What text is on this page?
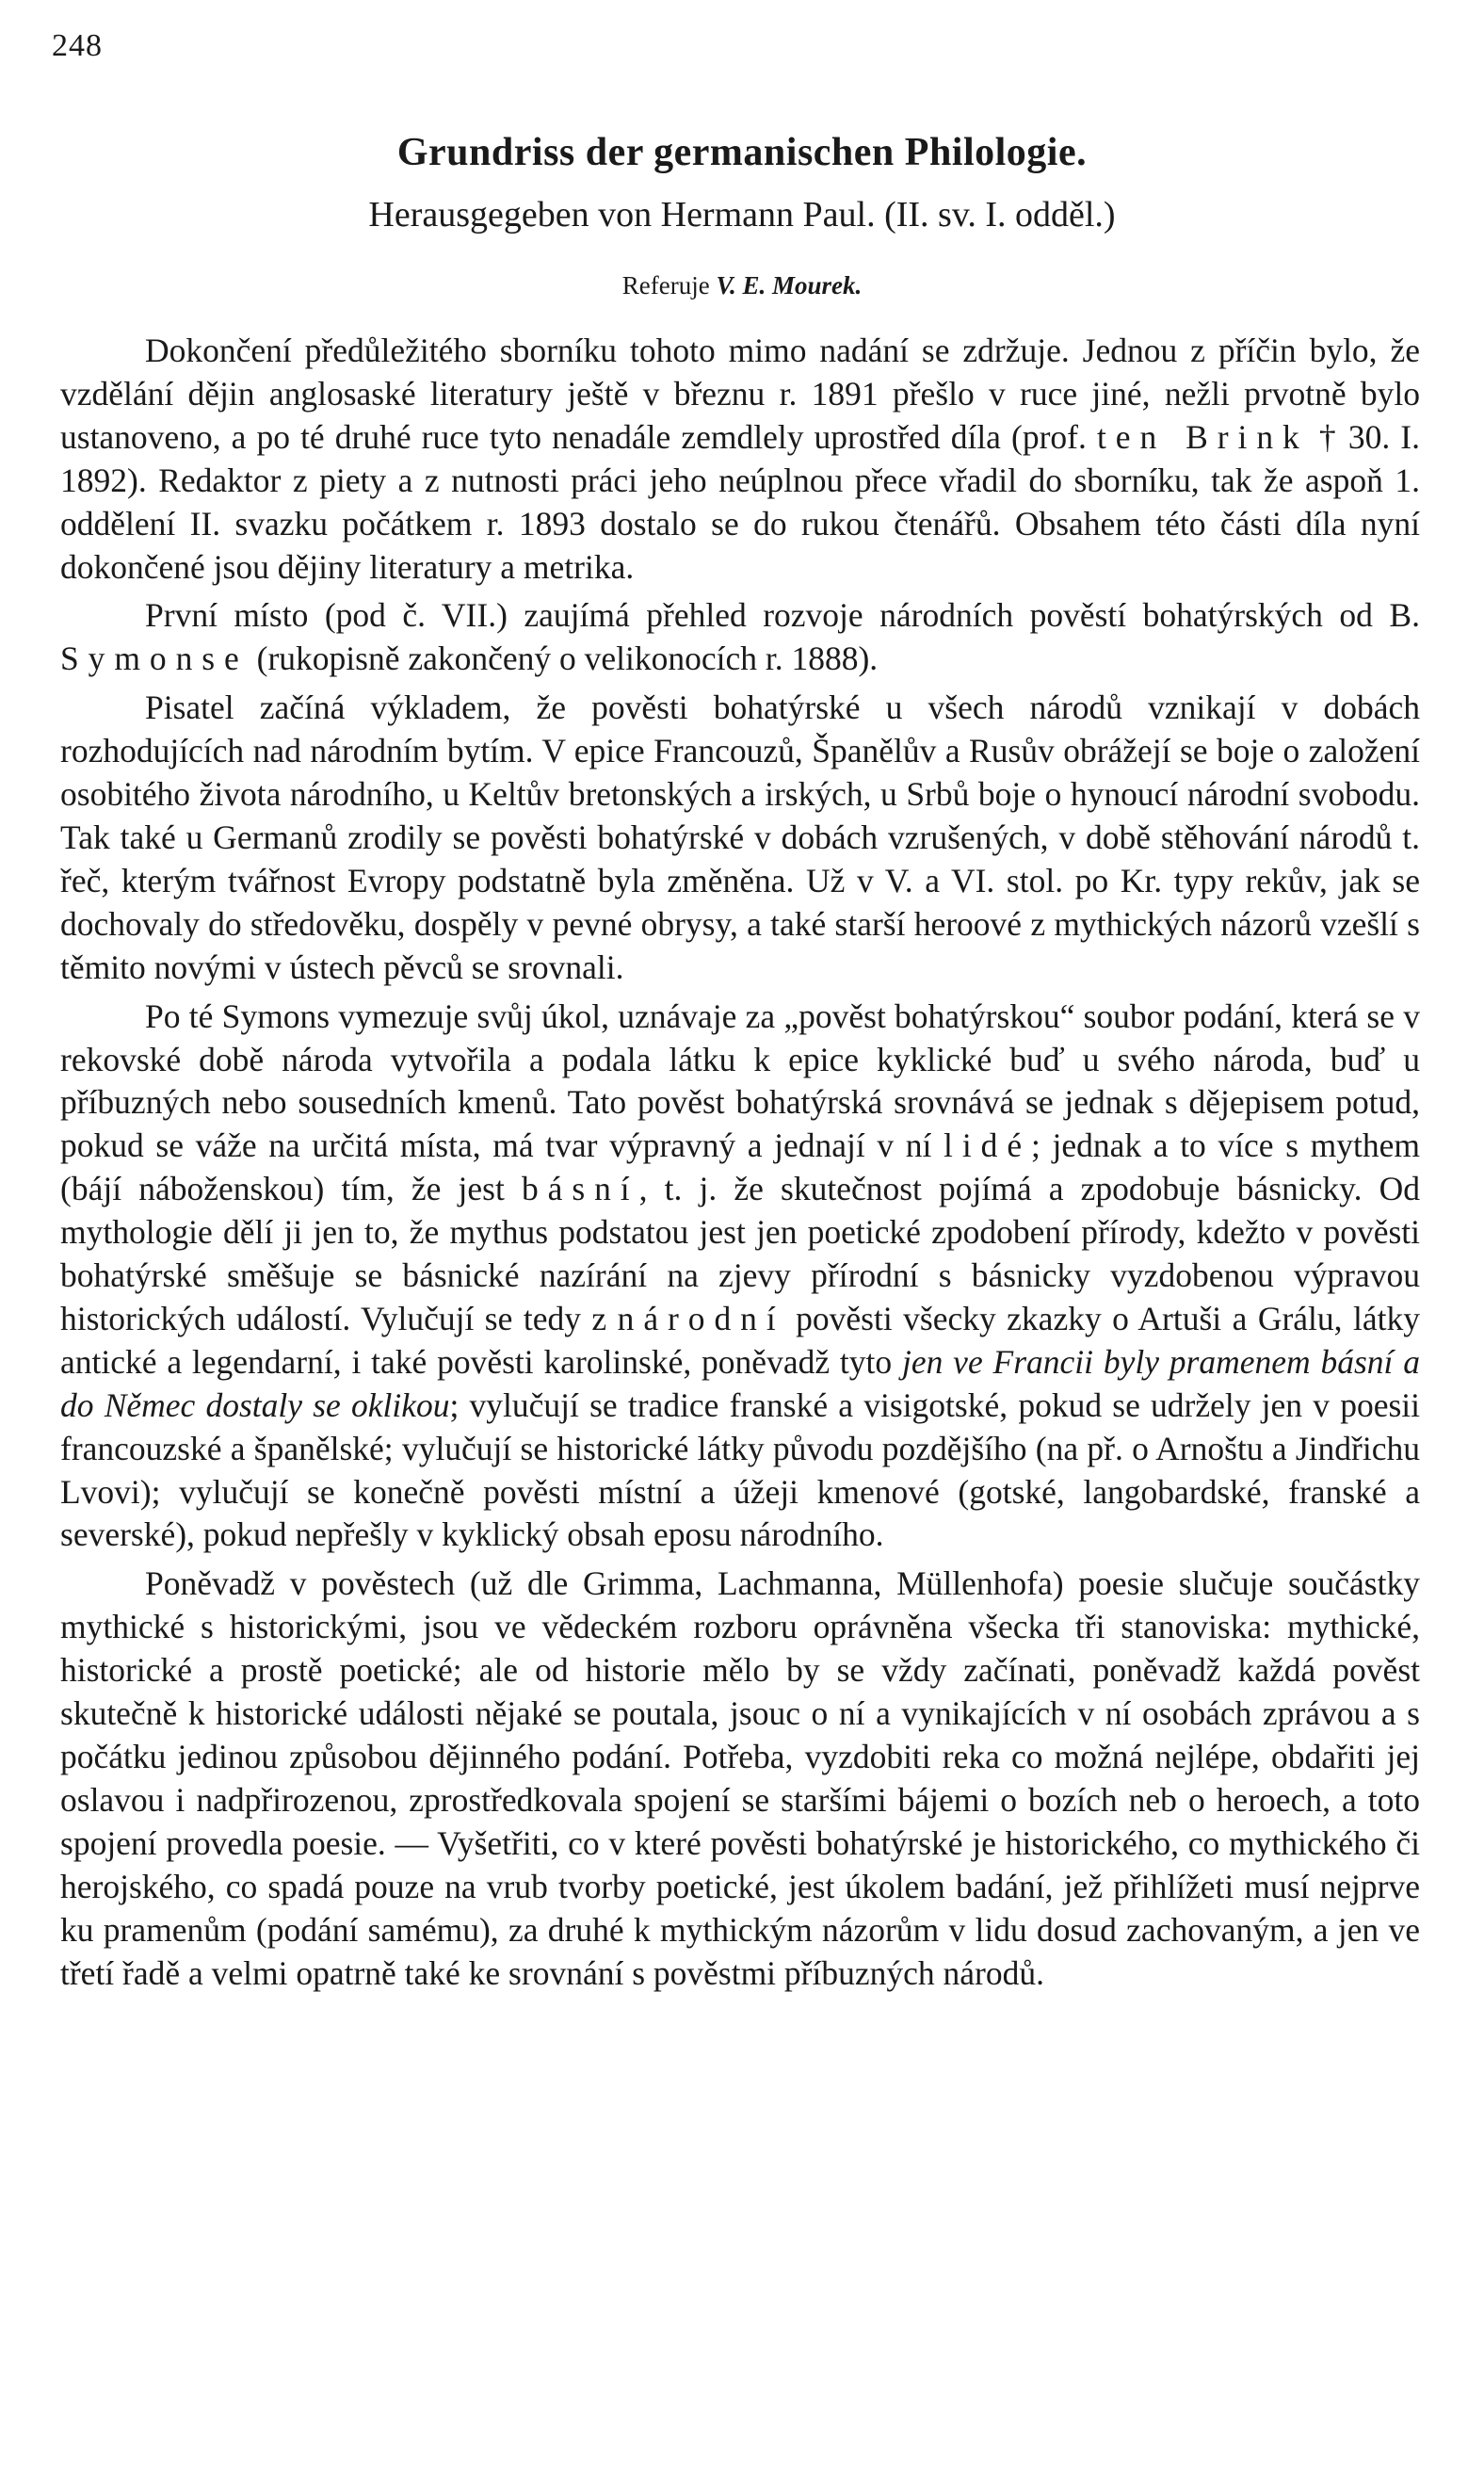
248
Grundriss der germanischen Philologie.
Herausgegeben von Hermann Paul. (II. sv. I. odděl.)
Referuje V. E. Mourek.

Dokončení předůležitého sborníku tohoto mimo nadání se zdržuje. Jednou z příčin bylo, že vzdělání dějin anglosaské literatury ještě v březnu r. 1891 přešlo v ruce jiné, nežli prvotně bylo ustanoveno, a po té druhé ruce tyto nenadále zemdlely uprostřed díla (prof. ten Brink † 30. I. 1892). Redaktor z piety a z nutnosti práci jeho neúplnou přece vřadil do sborníku, tak že aspoň 1. oddělení II. svazku počátkem r. 1893 dostalo se do rukou čtenářů. Obsahem této části díla nyní dokončené jsou dějiny literatury a metrika.

První místo (pod č. VII.) zaujímá přehled rozvoje národních pověstí bohatýrských od B. Symonse (rukopisně zakončený o velikonocích r. 1888).

Pisatel začíná výkladem, že pověsti bohatýrské u všech národů vznikají v dobách rozhodujících nad národním bytím. V epice Francouzů, Španělův a Rusův obrážejí se boje o založení osobitého života národního, u Keltův bretonských a irských, u Srbů boje o hynoucí národní svobodu. Tak také u Germanů zrodily se pověsti bohatýrské v dobách vzrušených, v době stěhování národů t. řeč, kterým tvářnost Evropy podstatně byla změněna. Už v V. a VI. stol. po Kr. typy rekův, jak se dochovaly do středověku, dospěly v pevné obrysy, a také starší heroové z mythických názorů vzešlí s těmito novými v ústech pěvců se srovnali.

Po té Symons vymezuje svůj úkol, uznávaje za „pověst bohatýrskou“ soubor podání, která se v rekovské době národa vytvořila a podala látku k epice kyklické buď u svého národa, buď u příbuzných nebo sousedních kmenů. Tato pověst bohatýrská srovnává se jednak s dějepisem potud, pokud se váže na určitá místa, má tvar výpravný a jednají v ní lidé; jednak a to více s mythem (bájí náboženskou) tím, že jest básní, t. j. že skutečnost pojímá a zpodobuje básnicky. Od mythologie dělí ji jen to, že mythus podstatou jest jen poetické zpodobení přírody, kdežto v pověsti bohatýrské směšuje se básnické nazírání na zjevy přírodní s básnicky vyzdobenou výpravou historických událostí. Vylučují se tedy z národní pověsti všecky zkazky o Artuši a Grálu, látky antické a legendarní, i také pověsti karolinské, poněvadž tyto jen ve Francii byly pramenem básní a do Němec dostaly se oklikou; vylučují se tradice franské a visigotské, pokud se udržely jen v poesii francouzské a španělské; vylučují se historické látky původu pozdějšího (na př. o Arnoštu a Jindřichu Lvovi); vylučují se konečně pověsti místní a úžeji kmenové (gotské, langobardské, franské a severské), pokud nepřešly v kyklický obsah eposu národního.

Poněvadž v pověstech (už dle Grimma, Lachmanna, Müllenhofa) poesie slučuje součástky mythické s historickými, jsou ve vědeckém rozboru oprávněna všecka tři stanoviska: mythické, historické a prostě poetické; ale od historie mělo by se vždy začínati, poněvadž každá pověst skutečně k historické události nějaké se poutala, jsouc o ní a vynikajících v ní osobách zprávou a s počátku jedinou způsobou dějinného podání. Potřeba, vyzdobiti reka co možná nejlépe, obdařiti jej oslavou i nadpřirozenou, zprostředkovala spojení se staršími bájemi o bozích neb o heroech, a toto spojení provedla poesie. — Vyšetřiti, co v které pověsti bohatýrské je historického, co mythického či herojského, co spadá pouze na vrub tvorby poetické, jest úkolem badání, jež přihlížeti musí nejprve ku pramenům (podání samému), za druhé k mythickým názorům v lidu dosud zachovaným, a jen ve třetí řadě a velmi opatrně také ke srovnání s pověstmi příbuzných národů.
